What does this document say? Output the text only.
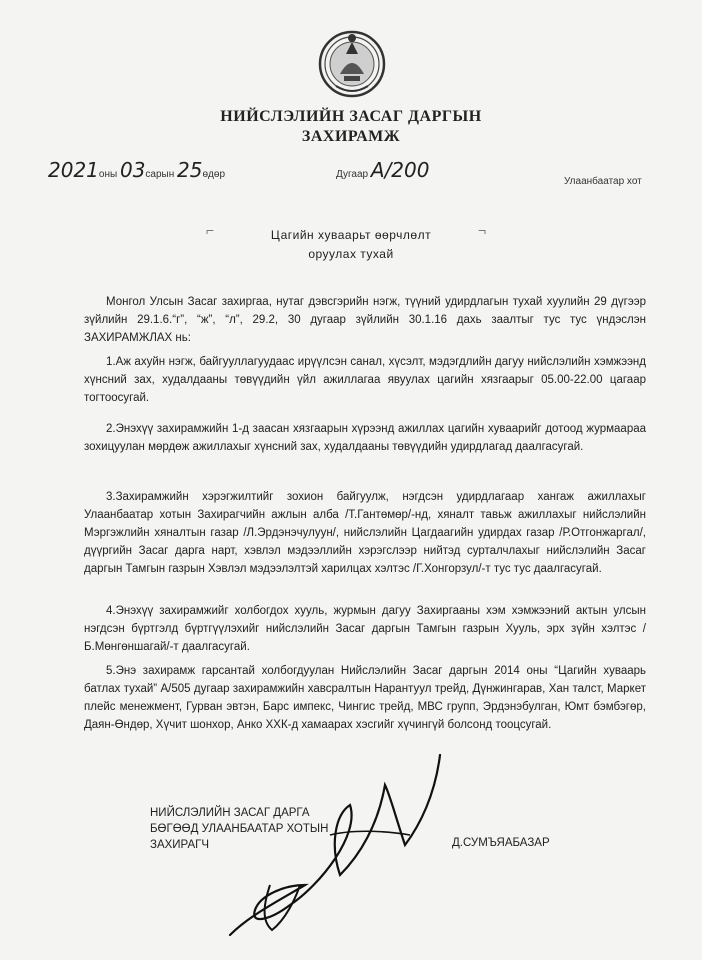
НИЙСЛЭЛИЙН ЗАСАГ ДАРГЫН
ЗАХИРАМЖ
2021оны 03сарын 25өдөр	Дугаар А/200	Улаанбаатар хот
⌐	¬
Цагийн хуваарьт өөрчлөлт
оруулах тухай

Монгол Улсын Засаг захиргаа, нутаг дэвсгэрийн нэгж, түүний удирдлагын тухай хуулийн 29 дүгээр зүйлийн 29.1.6.“г”, “ж”, “л”, 29.2, 30 дугаар зүйлийн 30.1.16 дахь заалтыг тус тус үндэслэн ЗАХИРАМЖЛАХ нь:

1.Аж ахуйн нэгж, байгууллагуудаас ирүүлсэн санал, хүсэлт, мэдэгдлийн дагуу нийслэлийн хэмжээнд хүнсний зах, худалдааны төвүүдийн үйл ажиллагаа явуулах цагийн хязгаарыг 05.00-22.00 цагаар тогтоосугай.

2.Энэхүү захирамжийн 1-д заасан хязгаарын хүрээнд ажиллах цагийн хуваарийг дотоод журмаараа зохицуулан мөрдөж ажиллахыг хүнсний зах, худалдааны төвүүдийн удирдлагад даалгасугай.

3.Захирамжийн хэрэгжилтийг зохион байгуулж, нэгдсэн удирдлагаар хангаж ажиллахыг Улаанбаатар хотын Захирагчийн ажлын алба /Т.Гантөмөр/-нд, хяналт тавьж ажиллахыг нийслэлийн Мэргэжлийн хяналтын газар /Л.Эрдэнэчулуун/, нийслэлийн Цагдаагийн удирдах газар /Р.Отгонжаргал/, дүүргийн Засаг дарга нарт, хэвлэл мэдээллийн хэрэгслээр нийтэд сурталчлахыг нийслэлийн Засаг даргын Тамгын газрын Хэвлэл мэдээлэлтэй харилцах хэлтэс /Г.Хонгорзул/-т тус тус даалгасугай.

4.Энэхүү захирамжийг холбогдох хууль, журмын дагуу Захиргааны хэм хэмжээний актын улсын нэгдсэн бүртгэлд бүртгүүлэхийг нийслэлийн Засаг даргын Тамгын газрын Хууль, эрх зүйн хэлтэс /Б.Мөнгөншагай/-т даалгасугай.

5.Энэ захирамж гарсантай холбогдуулан Нийслэлийн Засаг даргын 2014 оны “Цагийн хуваарь батлах тухай” А/505 дугаар захирамжийн хавсралтын Нарантуул трейд, Дүнжингарав, Хан талст, Маркет плейс менежмент, Гурван эвтэн, Барс импекс, Чингис трейд, МВС групп, Эрдэнэбулган, Юмт бэмбэгөр, Даян-Өндөр, Хүчит шонхор, Анко ХХК-д хамаарах хэсгийг хүчингүй болсонд тооцсугай.

НИЙСЛЭЛИЙН ЗАСАГ ДАРГА
БӨГӨӨД УЛААНБААТАР ХОТЫН
ЗАХИРАГЧ	Д.СУМЪЯАБАЗАР
